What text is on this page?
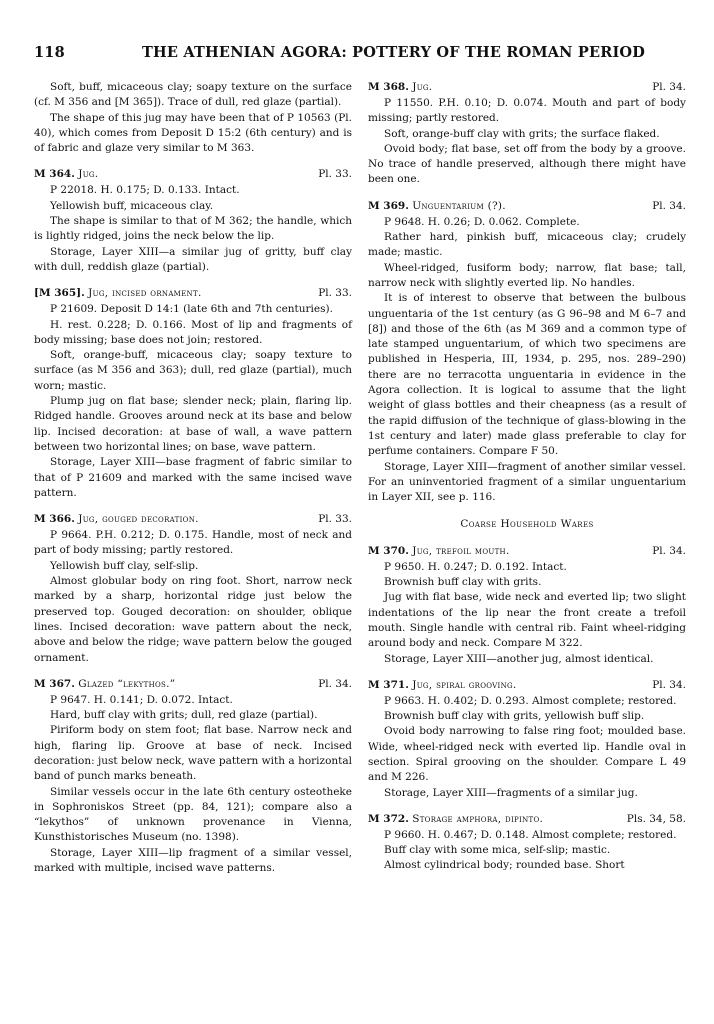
118	THE ATHENIAN AGORA: POTTERY OF THE ROMAN PERIOD

Soft, buff, micaceous clay; soapy texture on the surface (cf. M 356 and [M 365]). Trace of dull, red glaze (partial).

The shape of this jug may have been that of P 10563 (Pl. 40), which comes from Deposit D 15:2 (6th century) and is of fabric and glaze very similar to M 363.

M 364. Jug.	Pl. 33.

P 22018. H. 0.175; D. 0.133. Intact.

Yellowish buff, micaceous clay.

The shape is similar to that of M 362; the handle, which is lightly ridged, joins the neck below the lip.

Storage, Layer XIII—a similar jug of gritty, buff clay with dull, reddish glaze (partial).

[M 365]. Jug, incised ornament.	Pl. 33.

P 21609. Deposit D 14:1 (late 6th and 7th centuries).

H. rest. 0.228; D. 0.166. Most of lip and fragments of body missing; base does not join; restored.

Soft, orange-buff, micaceous clay; soapy texture to surface (as M 356 and 363); dull, red glaze (partial), much worn; mastic.

Plump jug on flat base; slender neck; plain, flaring lip. Ridged handle. Grooves around neck at its base and below lip. Incised decoration: at base of wall, a wave pattern between two horizontal lines; on base, wave pattern.

Storage, Layer XIII—base fragment of fabric similar to that of P 21609 and marked with the same incised wave pattern.

M 366. Jug, gouged decoration.	Pl. 33.

P 9664. P.H. 0.212; D. 0.175. Handle, most of neck and part of body missing; partly restored.

Yellowish buff clay, self-slip.

Almost globular body on ring foot. Short, narrow neck marked by a sharp, horizontal ridge just below the preserved top. Gouged decoration: on shoulder, oblique lines. Incised decoration: wave pattern about the neck, above and below the ridge; wave pattern below the gouged ornament.

M 367. Glazed “lekythos.”	Pl. 34.

P 9647. H. 0.141; D. 0.072. Intact.

Hard, buff clay with grits; dull, red glaze (partial).

Piriform body on stem foot; flat base. Narrow neck and high, flaring lip. Groove at base of neck. Incised decoration: just below neck, wave pattern with a horizontal band of punch marks beneath.

Similar vessels occur in the late 6th century osteotheke in Sophroniskos Street (pp. 84, 121); compare also a “lekythos” of unknown provenance in Vienna, Kunsthistorisches Museum (no. 1398).

Storage, Layer XIII—lip fragment of a similar vessel, marked with multiple, incised wave patterns.

M 368. Jug.	Pl. 34.

P 11550. P.H. 0.10; D. 0.074. Mouth and part of body missing; partly restored.

Soft, orange-buff clay with grits; the surface flaked.

Ovoid body; flat base, set off from the body by a groove. No trace of handle preserved, although there might have been one.

M 369. Unguentarium (?).	Pl. 34.

P 9648. H. 0.26; D. 0.062. Complete.

Rather hard, pinkish buff, micaceous clay; crudely made; mastic.

Wheel-ridged, fusiform body; narrow, flat base; tall, narrow neck with slightly everted lip. No handles.

It is of interest to observe that between the bulbous unguentaria of the 1st century (as G 96–98 and M 6–7 and [8]) and those of the 6th (as M 369 and a common type of late stamped unguentarium, of which two specimens are published in Hesperia, III, 1934, p. 295, nos. 289–290) there are no terracotta unguentaria in evidence in the Agora collection. It is logical to assume that the light weight of glass bottles and their cheapness (as a result of the rapid diffusion of the technique of glass-blowing in the 1st century and later) made glass preferable to clay for perfume containers. Compare F 50.

Storage, Layer XIII—fragment of another similar vessel. For an uninventoried fragment of a similar unguentarium in Layer XII, see p. 116.

Coarse Household Wares
M 370. Jug, trefoil mouth.	Pl. 34.

P 9650. H. 0.247; D. 0.192. Intact.

Brownish buff clay with grits.

Jug with flat base, wide neck and everted lip; two slight indentations of the lip near the front create a trefoil mouth. Single handle with central rib. Faint wheel-ridging around body and neck. Compare M 322.

Storage, Layer XIII—another jug, almost identical.

M 371. Jug, spiral grooving.	Pl. 34.

P 9663. H. 0.402; D. 0.293. Almost complete; restored.

Brownish buff clay with grits, yellowish buff slip.

Ovoid body narrowing to false ring foot; moulded base. Wide, wheel-ridged neck with everted lip. Handle oval in section. Spiral grooving on the shoulder. Compare L 49 and M 226.

Storage, Layer XIII—fragments of a similar jug.

M 372. Storage amphora, dipinto.	Pls. 34, 58.

P 9660. H. 0.467; D. 0.148. Almost complete; restored.

Buff clay with some mica, self-slip; mastic.

Almost cylindrical body; rounded base. Short
